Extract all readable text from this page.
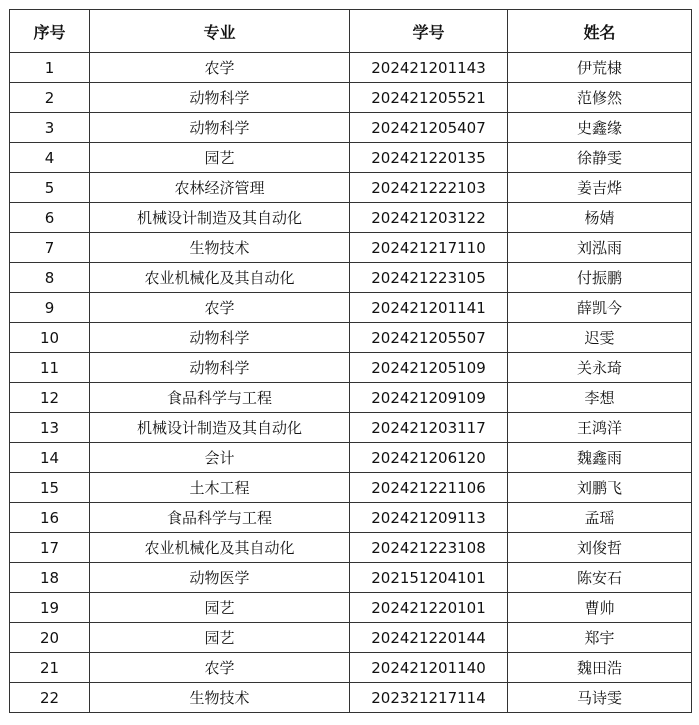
序号	专业	学号	姓名
1	农学	202421201143	伊荒棣
2	动物科学	202421205521	范修然
3	动物科学	202421205407	史鑫缘
4	园艺	202421220135	徐静雯
5	农林经济管理	202421222103	姜吉烨
6	机械设计制造及其自动化	202421203122	杨婧
7	生物技术	202421217110	刘泓雨
8	农业机械化及其自动化	202421223105	付振鹏
9	农学	202421201141	薛凯今
10	动物科学	202421205507	迟雯
11	动物科学	202421205109	关永琦
12	食品科学与工程	202421209109	李想
13	机械设计制造及其自动化	202421203117	王鸿洋
14	会计	202421206120	魏鑫雨
15	土木工程	202421221106	刘鹏飞
16	食品科学与工程	202421209113	孟瑶
17	农业机械化及其自动化	202421223108	刘俊哲
18	动物医学	202151204101	陈安石
19	园艺	202421220101	曹帅
20	园艺	202421220144	郑宇
21	农学	202421201140	魏田浩
22	生物技术	202321217114	马诗雯
